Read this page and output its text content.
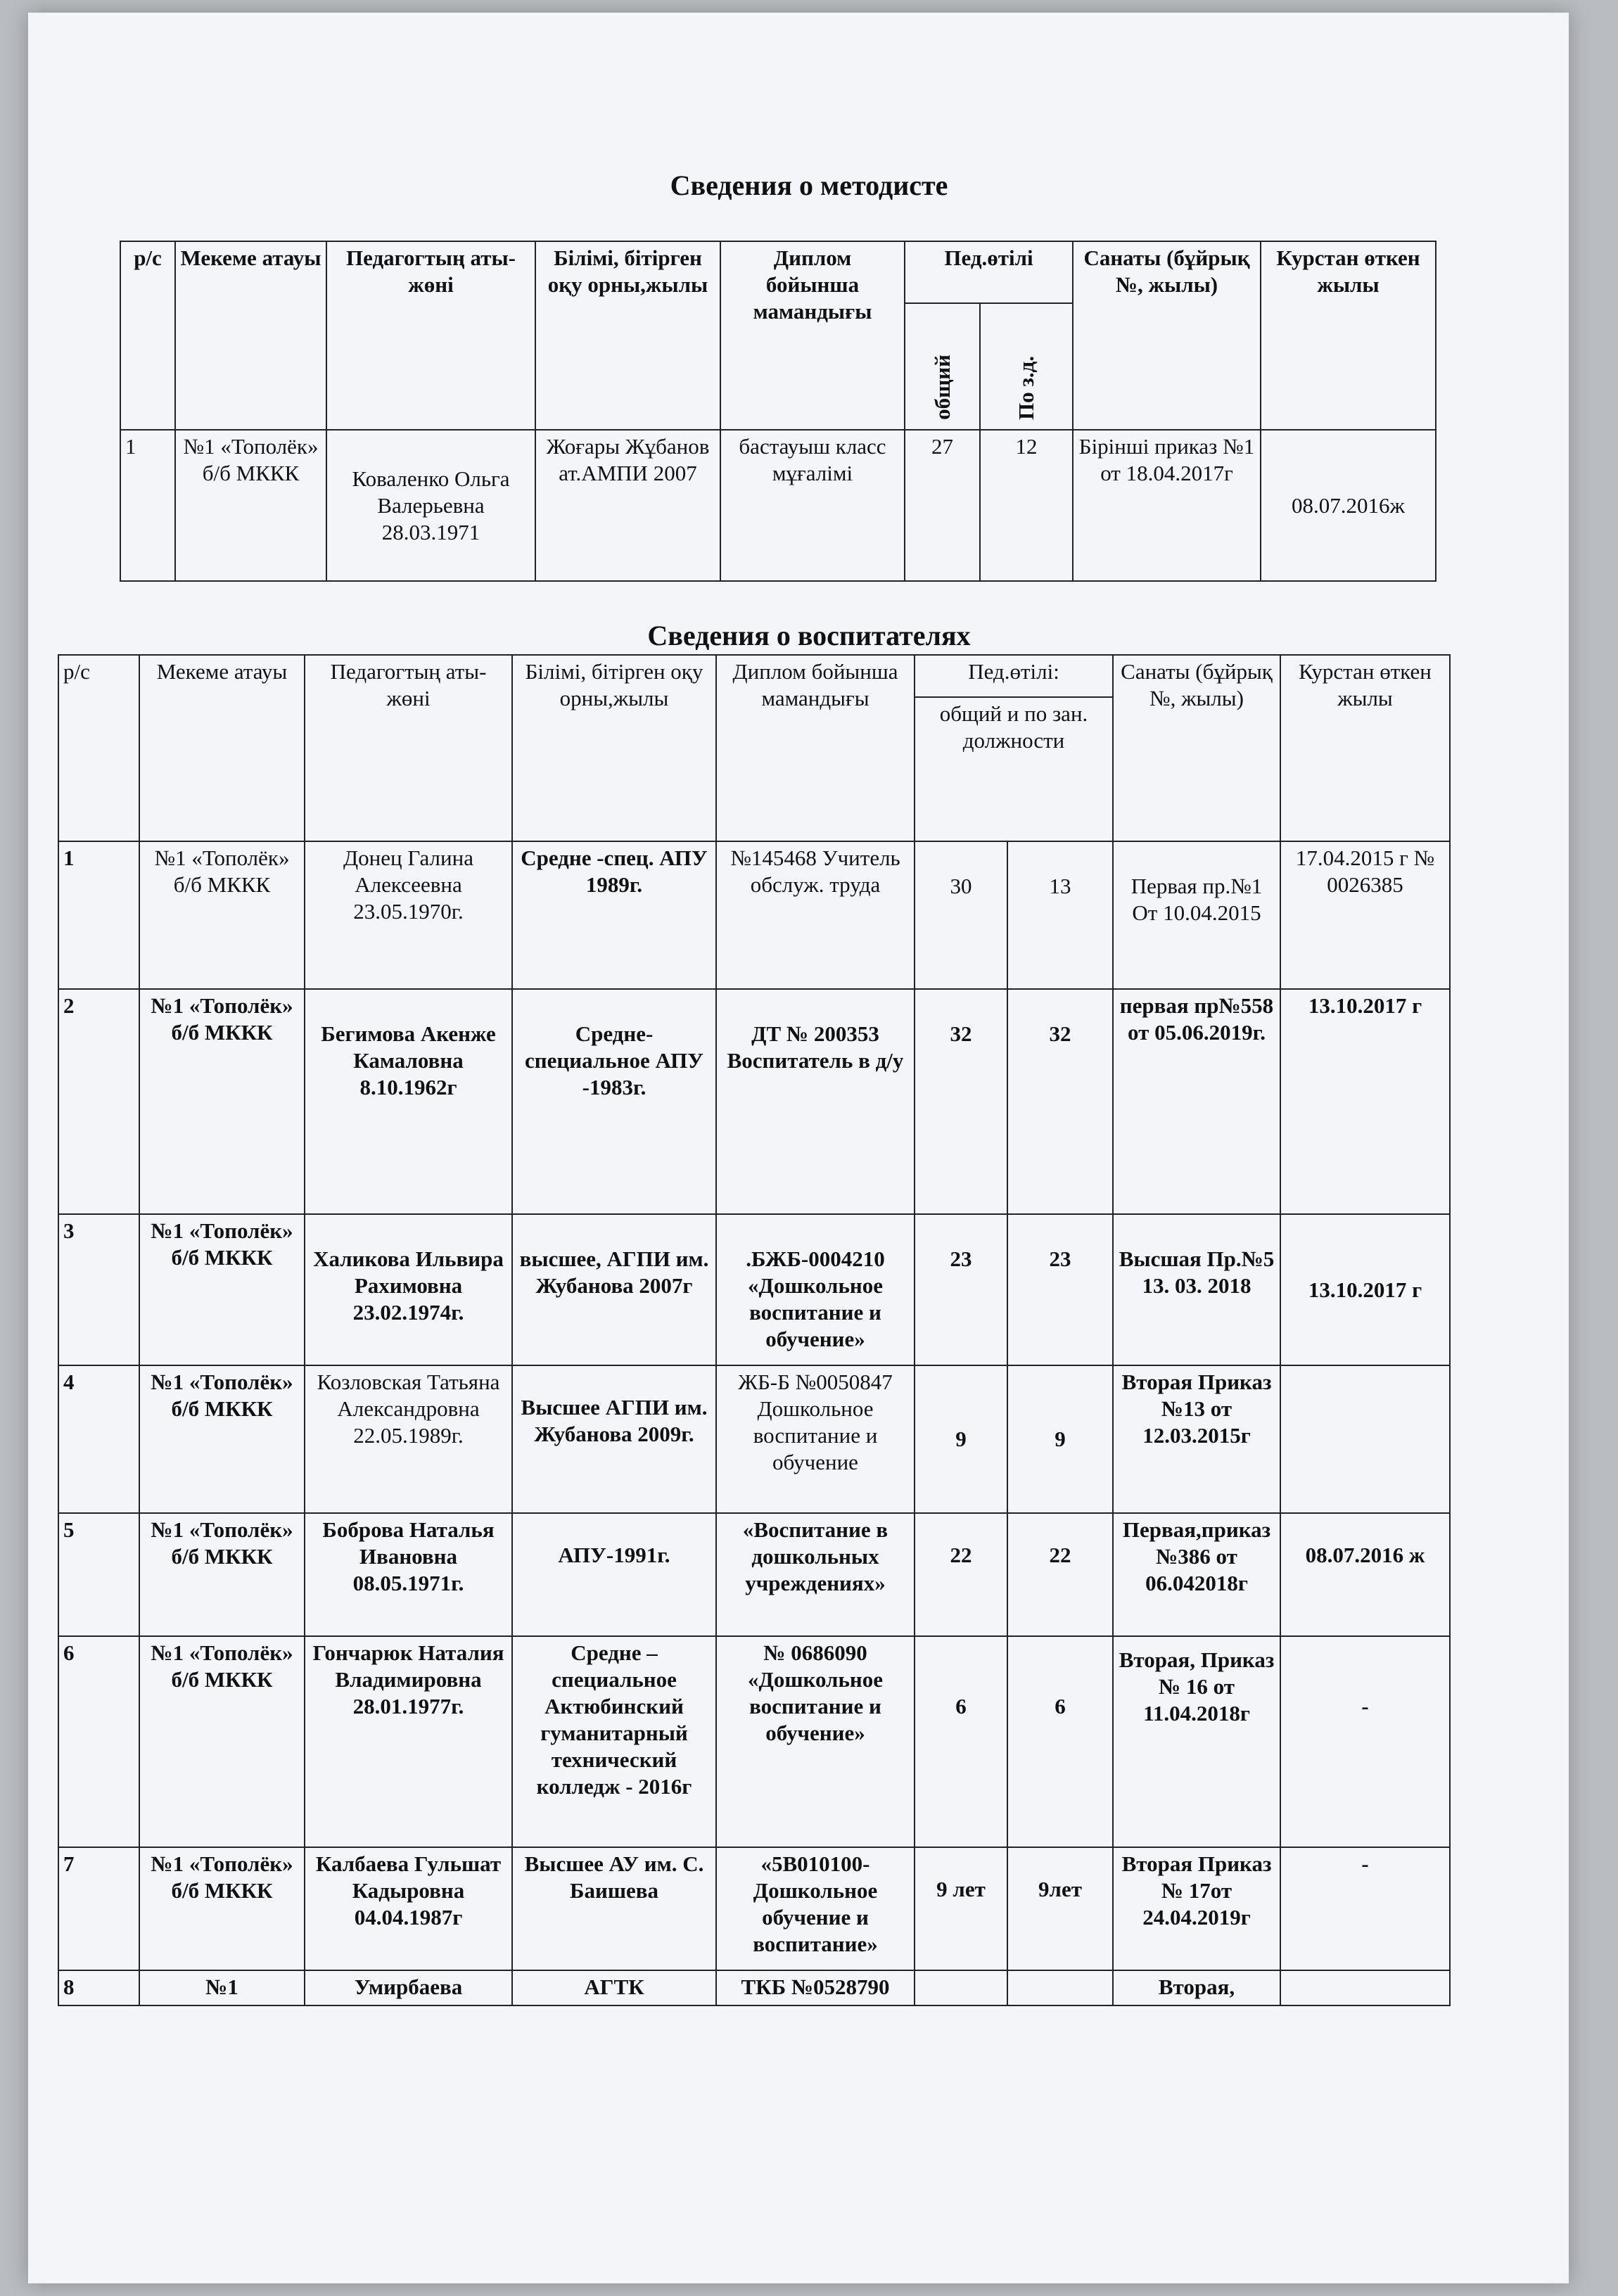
Сведения о методисте
р/с	Мекеме атауы	Педагогтың аты- жөні	Білімі, бітірген оқу орны,жылы	Диплом бойынша мамандығы	Пед.өтілі		Санаты (бұйрық №, жылы)	Курстан өткен жылы
					общий	По з.д.		
1	№1 «Тополёк» б/б МККК	Коваленко Ольга Валерьевна 28.03.1971	Жоғары Жұбанов ат.АМПИ 2007	бастауыш класс мұғалімі	27	12	Бірінші приказ №1 от 18.04.2017г	08.07.2016ж
Сведения о воспитателях
р/с	Мекеме атауы	Педагогтың аты- жөні	Білімі, бітірген оқу орны,жылы	Диплом бойынша мамандығы	Пед.өтілі:		Санаты (бұйрық №, жылы)	Курстан өткен жылы
					общий и по зан. должности			
1	№1 «Тополёк» б/б МККК	Донец Галина Алексеевна 23.05.1970г.	Средне -спец. АПУ 1989г.	№145468 Учитель обслуж. труда	30	13	Первая пр.№1 От 10.04.2015	17.04.2015 г № 0026385
2	№1 «Тополёк» б/б МККК	Бегимова Акенже Камаловна 8.10.1962г	Средне-специальное АПУ -1983г.	ДТ № 200353 Воспитатель в д/у	32	32	первая пр№558 от 05.06.2019г.	13.10.2017 г
3	№1 «Тополёк» б/б МККК	Халикова Ильвира Рахимовна 23.02.1974г.	высшее, АГПИ им. Жубанова 2007г	.БЖБ-0004210 «Дошкольное воспитание и обучение»	23	23	Высшая Пр.№5 13. 03. 2018	13.10.2017 г
4	№1 «Тополёк» б/б МККК	Козловская Татьяна Александровна 22.05.1989г.	Высшее АГПИ им. Жубанова 2009г.	ЖБ-Б №0050847 Дошкольное воспитание и обучение	9	9	Вторая Приказ №13 от 12.03.2015г	
5	№1 «Тополёк» б/б МККК	Боброва Наталья Ивановна 08.05.1971г.	АПУ-1991г.	«Воспитание в дошкольных учреждениях»	22	22	Первая,приказ №386 от 06.042018г	08.07.2016 ж
6	№1 «Тополёк» б/б МККК	Гончарюк Наталия Владимировна 28.01.1977г.	Средне – специальное Актюбинский гуманитарный технический колледж - 2016г	№ 0686090 «Дошкольное воспитание и обучение»	6	6	Вторая, Приказ № 16 от 11.04.2018г	-
7	№1 «Тополёк» б/б МККК	Калбаева Гульшат Кадыровна 04.04.1987г	Высшее АУ им. С. Баишева	«5В010100-Дошкольное обучение и воспитание»	9 лет	9лет	Вторая Приказ № 17от 24.04.2019г	-
8	№1	Умирбаева	АГТК	ТКБ №0528790			Вторая,	
